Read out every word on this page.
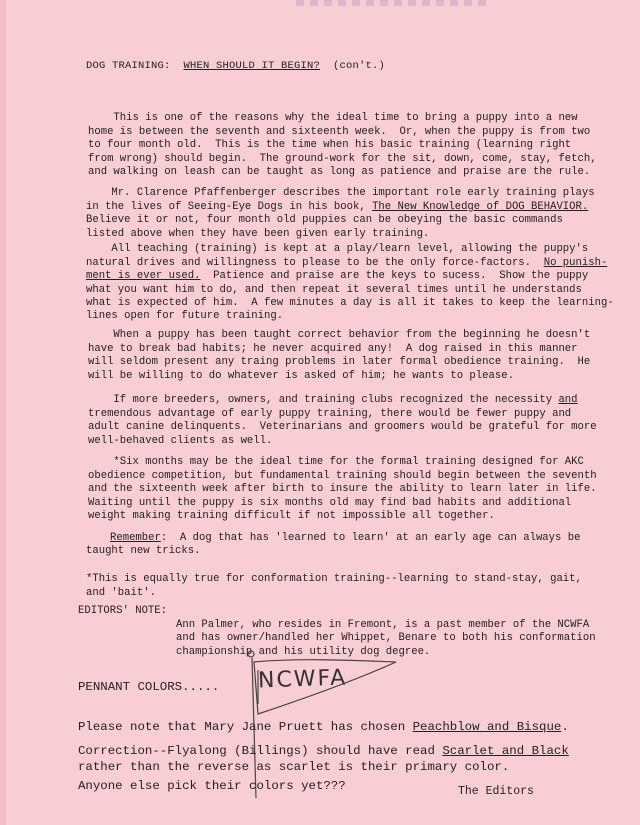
DOG TRAINING:  WHEN SHOULD IT BEGIN?  (con't.)

This is one of the reasons why the ideal time to bring a puppy into a new
home is between the seventh and sixteenth week.  Or, when the puppy is from two
to four month old.  This is the time when his basic training (learning right
from wrong) should begin.  The ground-work for the sit, down, come, stay, fetch,
and walking on leash can be taught as long as patience and praise are the rule.

Mr. Clarence Pfaffenberger describes the important role early training plays
in the lives of Seeing-Eye Dogs in his book, The New Knowledge of DOG BEHAVIOR.
Believe it or not, four month old puppies can be obeying the basic commands
listed above when they have been given early training.

All teaching (training) is kept at a play/learn level, allowing the puppy's
natural drives and willingness to please to be the only force-factors.  No punish-
ment is ever used.  Patience and praise are the keys to sucess.  Show the puppy
what you want him to do, and then repeat it several times until he understands
what is expected of him.  A few minutes a day is all it takes to keep the learning-
lines open for future training.

When a puppy has been taught correct behavior from the beginning he doesn't
have to break bad habits; he never acquired any!  A dog raised in this manner
will seldom present any traing problems in later formal obedience training.  He
will be willing to do whatever is asked of him; he wants to please.

If more breeders, owners, and training clubs recognized the necessity and
tremendous advantage of early puppy training, there would be fewer puppy and
adult canine delinquents.  Veterinarians and groomers would be grateful for more
well-behaved clients as well.

*Six months may be the ideal time for the formal training designed for AKC
obedience competition, but fundamental training should begin between the seventh
and the sixteenth week after birth to insure the ability to learn later in life.
Waiting until the puppy is six months old may find bad habits and additional
weight making training difficult if not impossible all together.

Remember:  A dog that has 'learned to learn' at an early age can always be

taught new tricks.

*This is equally true for conformation training--learning to stand-stay, gait,
and 'bait'.

EDITORS' NOTE:

Ann Palmer, who resides in Fremont, is a past member of the NCWFA
and has owner/handled her Whippet, Benare to both his conformation
championship and his utility dog degree.

NCWFA
PENNANT COLORS.....

Please note that Mary Jane Pruett has chosen Peachblow and Bisque.
Correction--Flyalong (Billings) should have read Scarlet and Black
rather than the reverse as scarlet is their primary color.
Anyone else pick their colors yet???	The Editors
